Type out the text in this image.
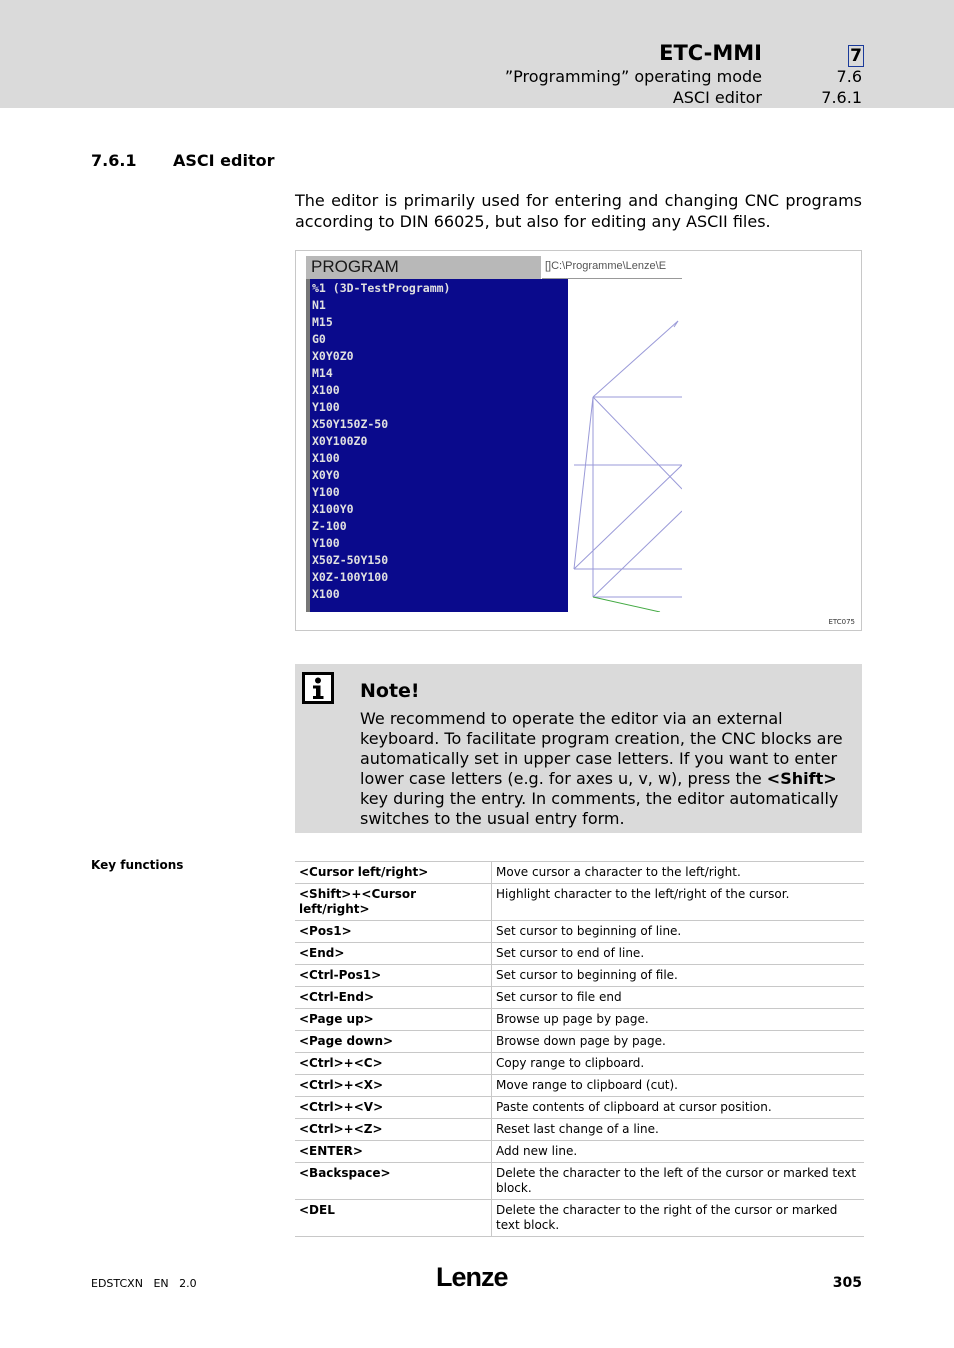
ETC-MMI
”Programming” operating mode
ASCI editor
7
7.6
7.6.1
7.6.1 ASCI editor
The editor is primarily used for entering and changing CNC programs according to DIN 66025, but also for editing any ASCII files.
PROGRAM	[]C:\Programme\Lenze\E
%1 (3D-TestProgramm)
N1
M15
G0
X0Y0Z0
M14
X100
Y100
X50Y150Z-50
X0Y100Z0
X100
X0Y0
Y100
X100Y0
Z-100
Y100
X50Z-50Y150
X0Z-100Y100
X100
ETC075
Note!
We recommend to operate the editor via an external keyboard. To facilitate program creation, the CNC blocks are automatically set in upper case letters. If you want to enter lower case letters (e.g. for axes u, v, w), press the <Shift> key during the entry. In comments, the editor automatically switches to the usual entry form.
Key functions	<Cursor left/right>	Move cursor a character to the left/right.
<Shift>+<Cursor left/right>	Highlight character to the left/right of the cursor.
<Pos1>	Set cursor to beginning of line.
<End>	Set cursor to end of line.
<Ctrl-Pos1>	Set cursor to beginning of file.
<Ctrl-End>	Set cursor to file end
<Page up>	Browse up page by page.
<Page down>	Browse down page by page.
<Ctrl>+<C>	Copy range to clipboard.
<Ctrl>+<X>	Move range to clipboard (cut).
<Ctrl>+<V>	Paste contents of clipboard at cursor position.
<Ctrl>+<Z>	Reset last change of a line.
<ENTER>	Add new line.
<Backspace>	Delete the character to the left of the cursor or marked text block.
<DEL	Delete the character to the right of the cursor or marked text block.
EDSTCXN EN 2.0	Lenze	305
